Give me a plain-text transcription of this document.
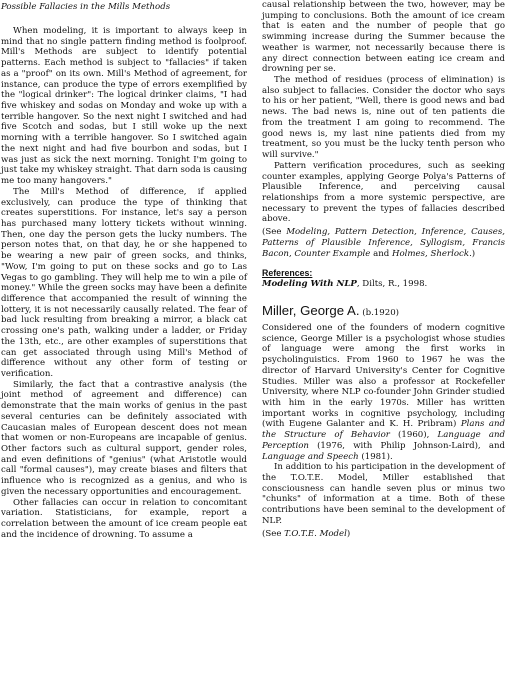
Possible Fallacies in the Mills Methods

When modeling, it is important to always keep in mind that no single pattern finding method is foolproof. Mill's Methods are subject to identify potential patterns. Each method is subject to "fallacies" if taken as a "proof" on its own. Mill's Method of agreement, for instance, can produce the type of errors exemplified by the "logical drinker": The logical drinker claims, "I had five whiskey and sodas on Monday and woke up with a terrible hangover. So the next night I switched and had five Scotch and sodas, but I still woke up the next morning with a terrible hangover. So I switched again the next night and had five bourbon and sodas, but I was just as sick the next morning. Tonight I'm going to just take my whiskey straight. That darn soda is causing me too many hangovers."

The Mill's Method of difference, if applied exclusively, can produce the type of thinking that creates superstitions. For instance, let's say a person has purchased many lottery tickets without winning. Then, one day the person gets the lucky numbers. The person notes that, on that day, he or she happened to be wearing a new pair of green socks, and thinks, "Wow, I'm going to put on these socks and go to Las Vegas to go gambling. They will help me to win a pile of money." While the green socks may have been a definite difference that accompanied the result of winning the lottery, it is not necessarily causally related. The fear of bad luck resulting from breaking a mirror, a black cat crossing one's path, walking under a ladder, or Friday the 13th, etc., are other examples of superstitions that can get associated through using Mill's Method of difference without any other form of testing or verification.

Similarly, the fact that a contrastive analysis (the joint method of agreement and difference) can demonstrate that the main works of genius in the past several centuries can be definitely associated with Caucasian males of European descent does not mean that women or non-Europeans are incapable of genius. Other factors such as cultural support, gender roles, and even definitions of "genius" (what Aristotle would call "formal causes"), may create biases and filters that influence who is recognized as a genius, and who is given the necessary opportunities and encouragement.

Other fallacies can occur in relation to concomitant variation. Statisticians, for example, report a correlation between the amount of ice cream people eat and the incidence of drowning. To assume a

causal relationship between the two, however, may be jumping to conclusions. Both the amount of ice cream that is eaten and the number of people that go swimming increase during the Summer because the weather is warmer, not necessarily because there is any direct connection between eating ice cream and drowning per se.

The method of residues (process of elimination) is also subject to fallacies. Consider the doctor who says to his or her patient, "Well, there is good news and bad news. The bad news is, nine out of ten patients die from the treatment I am going to recommend. The good news is, my last nine patients died from my treatment, so you must be the lucky tenth person who will survive."

Pattern verification procedures, such as seeking counter examples, applying George Polya's Patterns of Plausible Inference, and perceiving causal relationships from a more systemic perspective, are necessary to prevent the types of fallacies described above.

(See Modeling, Pattern Detection, Inference, Causes, Patterns of Plausible Inference, Syllogism, Francis Bacon, Counter Example and Holmes, Sherlock.)

References:

Modeling With NLP, Dilts, R., 1998.

Miller, George A. (b.1920)

Considered one of the founders of modern cognitive science, George Miller is a psychologist whose studies of language were among the first works in psycholinguistics. From 1960 to 1967 he was the director of Harvard University's Center for Cognitive Studies. Miller was also a professor at Rockefeller University, where NLP co-founder John Grinder studied with him in the early 1970s. Miller has written important works in cognitive psychology, including (with Eugene Galanter and K. H. Pribram) Plans and the Structure of Behavior (1960), Language and Perception (1976, with Philip Johnson-Laird), and Language and Speech (1981).

In addition to his participation in the development of the T.O.T.E. Model, Miller established that consciousness can handle seven plus or minus two "chunks" of information at a time. Both of these contributions have been seminal to the development of NLP.

(See T.O.T.E. Model)
